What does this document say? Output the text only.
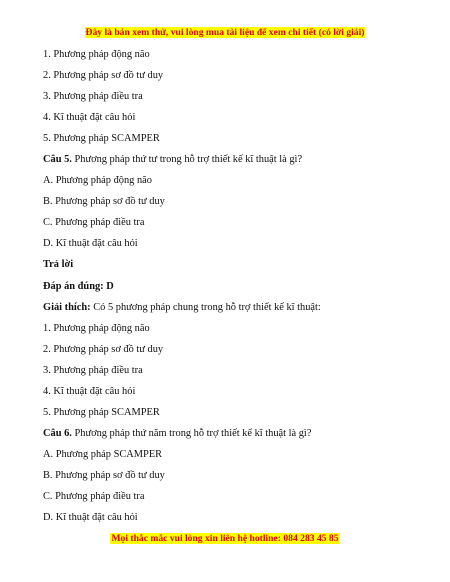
Đây là bản xem thử, vui lòng mua tài liệu để xem chi tiết (có lời giải)
1. Phương pháp động não
2. Phương pháp sơ đồ tư duy
3. Phương pháp điều tra
4. Kĩ thuật đặt câu hỏi
5. Phương pháp SCAMPER
Câu 5. Phương pháp thứ tư trong hỗ trợ thiết kế kĩ thuật là gì?
A. Phương pháp động não
B. Phương pháp sơ đồ tư duy
C. Phương pháp điều tra
D. Kĩ thuật đặt câu hỏi
Trả lời
Đáp án đúng: D
Giải thích: Có 5 phương pháp chung trong hỗ trợ thiết kế kĩ thuật:
1. Phương pháp động não
2. Phương pháp sơ đồ tư duy
3. Phương pháp điều tra
4. Kĩ thuật đặt câu hỏi
5. Phương pháp SCAMPER
Câu 6. Phương pháp thứ năm trong hỗ trợ thiết kế kĩ thuật là gì?
A. Phương pháp SCAMPER
B. Phương pháp sơ đồ tư duy
C. Phương pháp điều tra
D. Kĩ thuật đặt câu hỏi
Mọi thắc mắc vui lòng xin liên hệ hotline: 084 283 45 85
